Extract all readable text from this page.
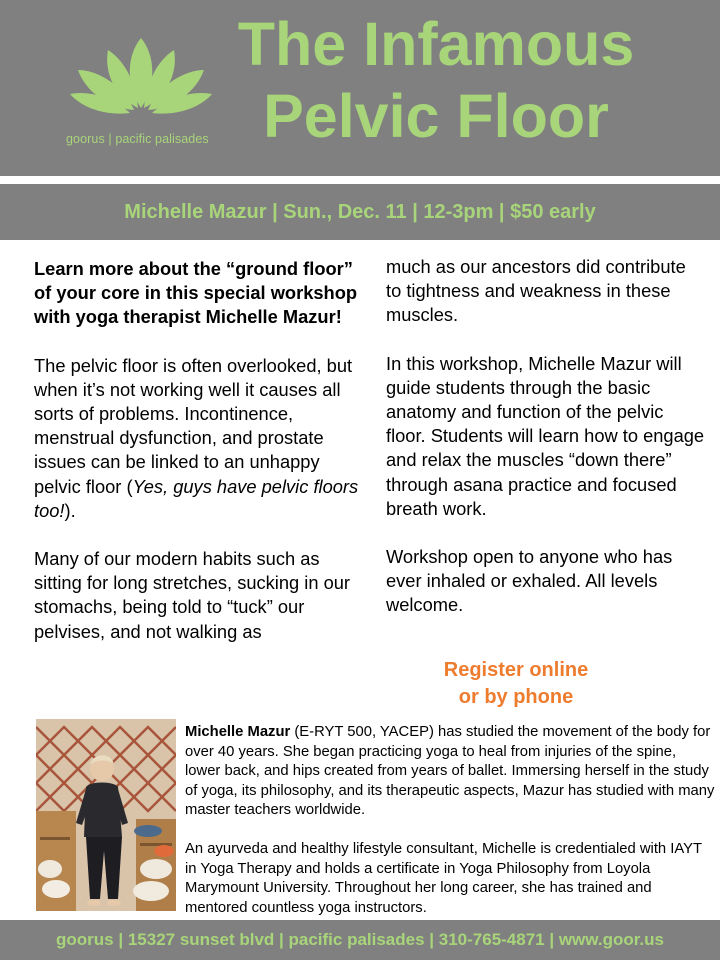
goorus | pacific palisades
The Infamous
Pelvic Floor
Michelle Mazur | Sun., Dec. 11 | 12-3pm | $50 early

Learn more about the “ground floor” of your core in this special workshop with yoga therapist Michelle Mazur!

The pelvic floor is often overlooked, but when it’s not working well it causes all sorts of problems. Incontinence, menstrual dysfunction, and prostate issues can be linked to an unhappy pelvic floor (Yes, guys have pelvic floors too!).

Many of our modern habits such as sitting for long stretches, sucking in our stomachs, being told to “tuck” our pelvises, and not walking as

much as our ancestors did contribute to tightness and weakness in these muscles.

In this workshop, Michelle Mazur will guide students through the basic anatomy and function of the pelvic floor. Students will learn how to engage and relax the muscles “down there” through asana practice and focused breath work.

Workshop open to anyone who has ever inhaled or exhaled. All levels welcome.

Register online
or by phone

Michelle Mazur (E-RYT 500, YACEP) has studied the movement of the body for over 40 years. She began practicing yoga to heal from injuries of the spine, lower back, and hips created from years of ballet. Immersing herself in the study of yoga, its philosophy, and its therapeutic aspects, Mazur has studied with many master teachers worldwide.

An ayurveda and healthy lifestyle consultant, Michelle is credentialed with IAYT in Yoga Therapy and holds a certificate in Yoga Philosophy from Loyola Marymount University. Throughout her long career, she has trained and mentored countless yoga instructors.

goorus | 15327 sunset blvd | pacific palisades | 310-765-4871 | www.goor.us
